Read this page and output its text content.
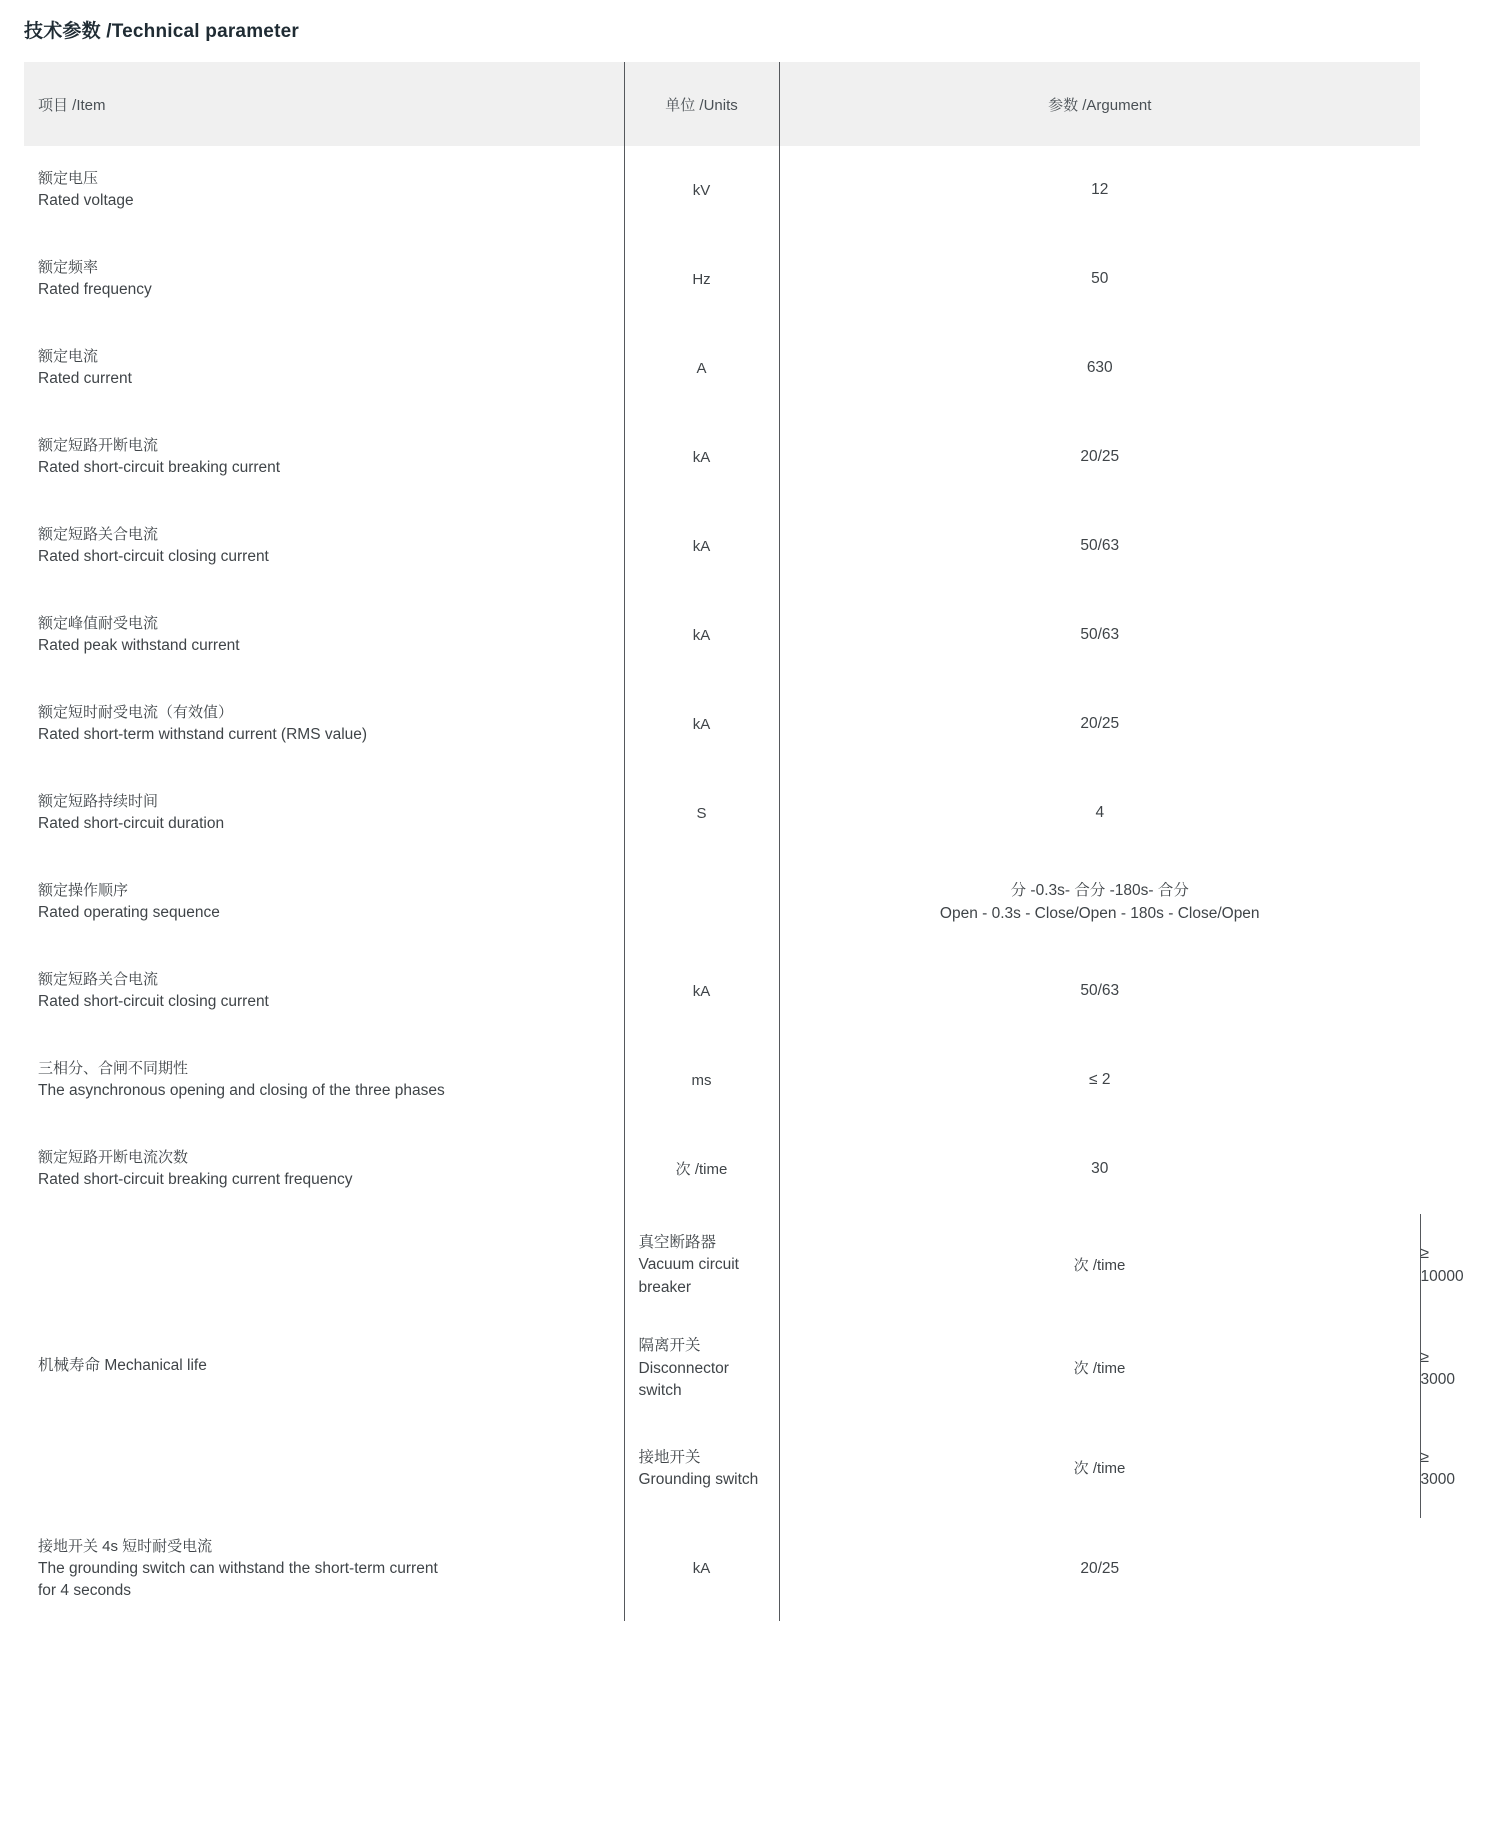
技术参数 /Technical parameter
项目 /Item	单位 /Units	参数 /Argument	

额定电压
Rated voltage	kV	12	

额定频率
Rated frequency	Hz	50	

额定电流
Rated current	A	630	

额定短路开断电流
Rated short-circuit breaking current	kA	20/25	

额定短路关合电流
Rated short-circuit closing current	kA	50/63	

额定峰值耐受电流
Rated peak withstand current	kA	50/63	

额定短时耐受电流（有效值）
Rated short-term withstand current (RMS value)	kA	20/25	

额定短路持续时间
Rated short-circuit duration	S	4	

额定操作顺序
Rated operating sequence		分 -0.3s- 合分 -180s- 合分
Open - 0.3s - Close/Open - 180s - Close/Open	

额定短路关合电流
Rated short-circuit closing current	kA	50/63	

三相分、合闸不同期性
The asynchronous opening and closing of the three phases	ms	≤ 2	

额定短路开断电流次数
Rated short-circuit breaking current frequency	次 /time	30	
机械寿命 Mechanical life	真空断路器 Vacuum circuit breaker	次 /time	≥ 10000
	隔离开关 Disconnector switch	次 /time	≥ 3000
	接地开关 Grounding switch	次 /time	≥ 3000

接地开关 4s 短时耐受电流
The grounding switch can withstand the short-term current
for 4 seconds	kA	20/25	
